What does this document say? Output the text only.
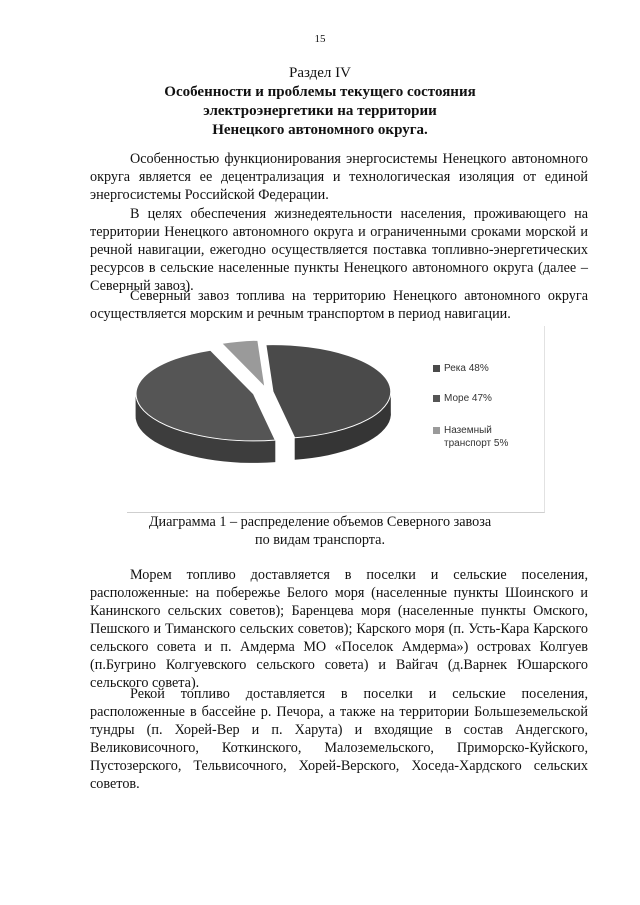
15
Раздел IV
Особенности и проблемы текущего состояния
электроэнергетики на территории
Ненецкого автономного округа.

Особенностью функционирования энергосистемы Ненецкого автономного округа является ее децентрализация и технологическая изоляция от единой энергосистемы Российской Федерации.

В целях обеспечения жизнедеятельности населения, проживающего на территории Ненецкого автономного округа и ограниченными сроками морской и речной навигации, ежегодно осуществляется поставка топливно-энергетических ресурсов в сельские населенные пункты Ненецкого автономного округа (далее – Северный завоз).

Северный завоз топлива на территорию Ненецкого автономного округа осуществляется морским и речным транспортом в период навигации.

Река 48%
Море 47%
Наземный транспорт 5%
Диаграмма 1 – распределение объемов Северного завоза
по видам транспорта.

Морем топливо доставляется в поселки и сельские поселения, расположенные: на побережье Белого моря (населенные пункты Шоинского и Канинского сельских советов); Баренцева моря (населенные пункты Омского, Пешского и Тиманского сельских советов); Карского моря (п. Усть-Кара Карского сельского совета и п. Амдерма МО «Поселок Амдерма») островах Колгуев (п.Бугрино Колгуевского сельского совета) и Вайгач (д.Варнек Юшарского сельского совета).

Рекой топливо доставляется в поселки и сельские поселения, расположенные в бассейне р. Печора, а также на территории Большеземельской тундры (п. Хорей-Вер и п. Харута) и входящие в состав Андегского, Великовисочного, Коткинского, Малоземельского, Приморско-Куйского, Пустозерского, Тельвисочного, Хорей-Верского, Хоседа-Хардского сельских советов.
